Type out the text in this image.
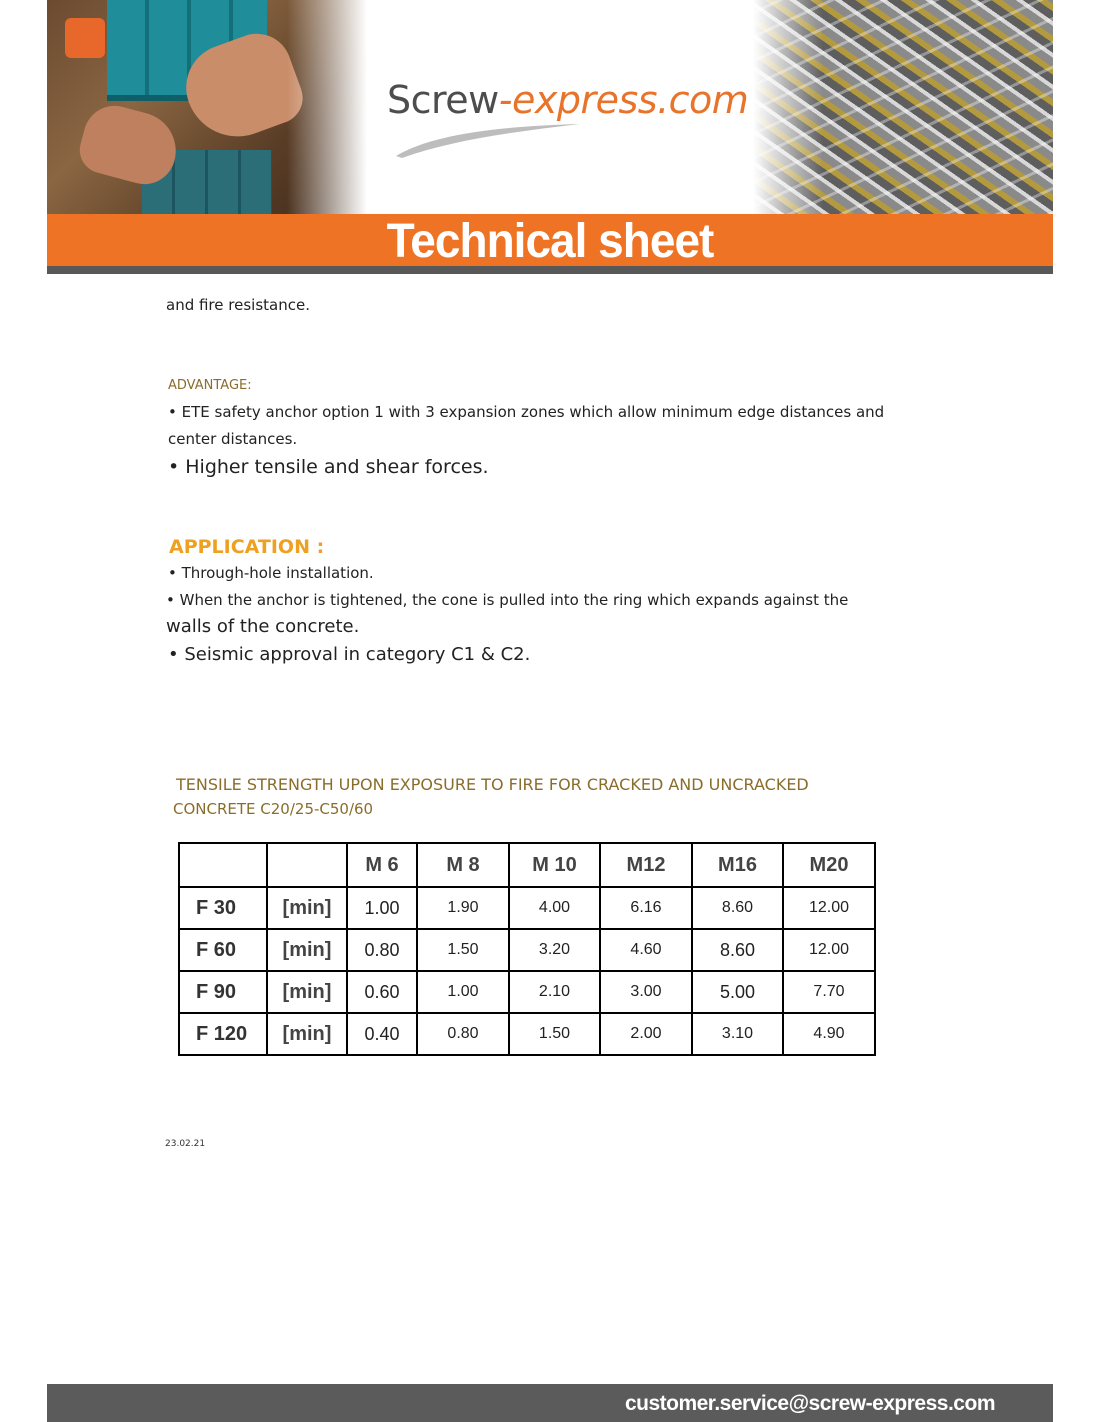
Screw-express.com
Technical sheet
and fire resistance.
ADVANTAGE:
• ETE safety anchor option 1 with 3 expansion zones which allow minimum edge distances and
center distances.
• Higher tensile and shear forces.
APPLICATION :
• Through-hole installation.
• When the anchor is tightened, the cone is pulled into the ring which expands against the
walls of the concrete.
• Seismic approval in category C1 & C2.
TENSILE STRENGTH UPON EXPOSURE TO FIRE FOR CRACKED AND UNCRACKED
CONCRETE C20/25-C50/60
		M 6	M 8	M 10	M12	M16	M20
F 30	[min]	1.00	1.90	4.00	6.16	8.60	12.00
F 60	[min]	0.80	1.50	3.20	4.60	8.60	12.00
F 90	[min]	0.60	1.00	2.10	3.00	5.00	7.70
F 120	[min]	0.40	0.80	1.50	2.00	3.10	4.90
23.02.21
customer.service@screw-express.com
